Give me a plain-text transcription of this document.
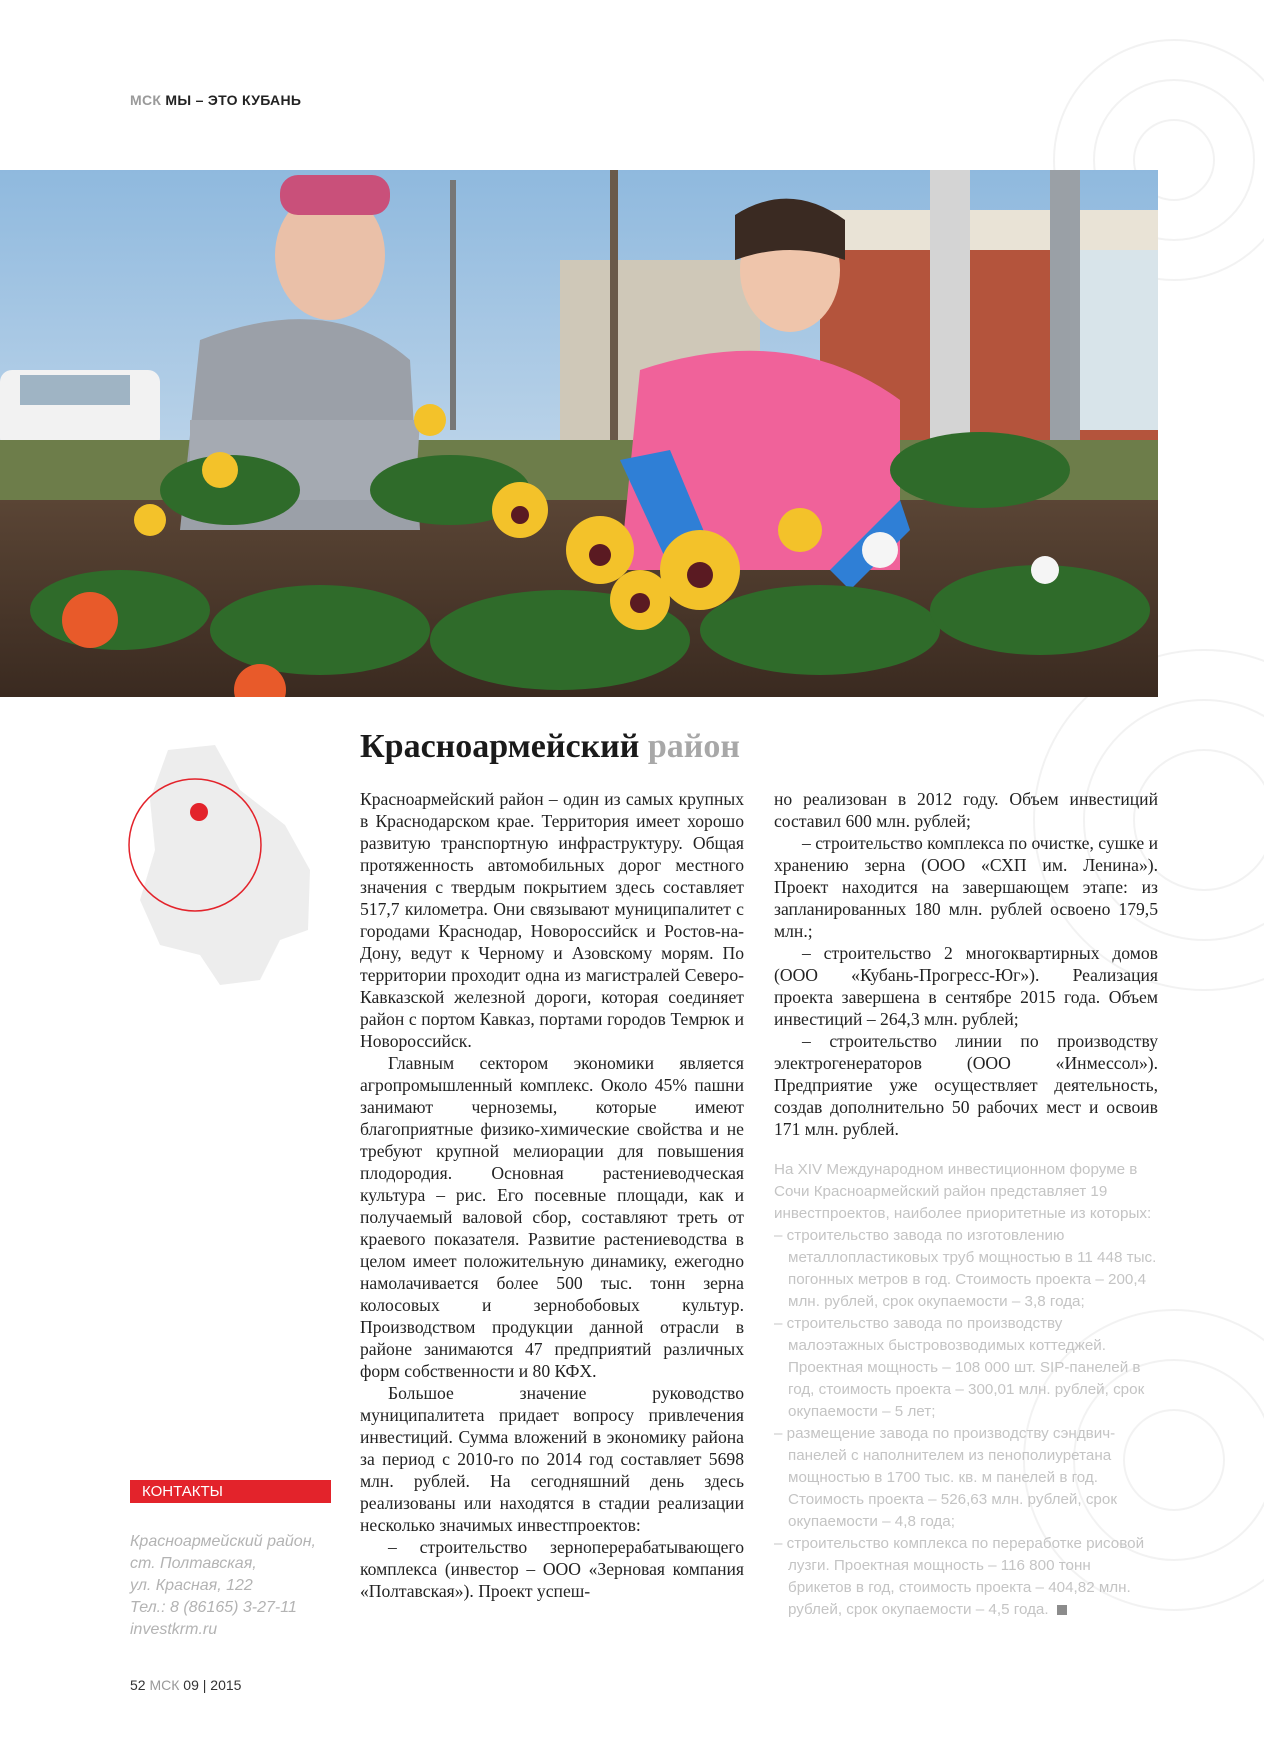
МСК МЫ – ЭТО КУБАНЬ
Красноармейский район

Красноармейский район – один из самых крупных в Краснодарском крае. Территория имеет хорошо развитую транспортную инфраструктуру. Общая протяженность автомобильных дорог местного значения с твердым покрытием здесь составляет 517,7 километра. Они связывают муниципалитет с городами Краснодар, Новороссийск и Ростов-на-Дону, ведут к Черному и Азовскому морям. По территории проходит одна из магистралей Северо-Кавказской железной дороги, которая соединяет район с портом Кавказ, портами городов Темрюк и Новороссийск.

Главным сектором экономики является агропромышленный комплекс. Около 45% пашни занимают черноземы, которые имеют благоприятные физико-химические свойства и не требуют крупной мелиорации для повышения плодородия. Основная растениеводческая культура – рис. Его посевные площади, как и получаемый валовой сбор, составляют треть от краевого показателя. Развитие растениеводства в целом имеет положительную динамику, ежегодно намолачивается более 500 тыс. тонн зерна колосовых и зернобобовых культур. Производством продукции данной отрасли в районе занимаются 47 предприятий различных форм собственности и 80 КФХ.

Большое значение руководство муниципалитета придает вопросу привлечения инвестиций. Сумма вложений в экономику района за период с 2010-го по 2014 год составляет 5698 млн. рублей. На сегодняшний день здесь реализованы или находятся в стадии реализации несколько значимых инвестпроектов:

– строительство зерноперерабатывающего комплекса (инвестор – ООО «Зерновая компания «Полтавская»). Проект успеш-

но реализован в 2012 году. Объем инвестиций составил 600 млн. рублей;

– строительство комплекса по очистке, сушке и хранению зерна (ООО «СХП им. Ленина»). Проект находится на завершающем этапе: из запланированных 180 млн. рублей освоено 179,5 млн.;

– строительство 2 многоквартирных домов (ООО «Кубань-Прогресс-Юг»). Реализация проекта завершена в сентябре 2015 года. Объем инвестиций – 264,3 млн. рублей;

– строительство линии по производству электрогенераторов (ООО «Инмессол»). Предприятие уже осуществляет деятельность, создав дополнительно 50 рабочих мест и освоив 171 млн. рублей.

На XIV Международном инвестиционном форуме в Сочи Красноармейский район представляет 19 инвестпроектов, наиболее приоритетные из которых:

– строительство завода по изготовлению металлопластиковых труб мощностью в 11 448 тыс. погонных метров в год. Стоимость проекта – 200,4 млн. рублей, срок окупаемости – 3,8 года;
– строительство завода по производству малоэтажных быстровозводимых коттеджей. Проектная мощность – 108 000 шт. SIP-панелей в год, стоимость проекта – 300,01 млн. рублей, срок окупаемости – 5 лет;
– размещение завода по производству сэндвич-панелей с наполнителем из пенополиуретана мощностью в 1700 тыс. кв. м панелей в год. Стоимость проекта – 526,63 млн. рублей, срок окупаемости – 4,8 года;
– строительство комплекса по переработке рисовой лузги. Проектная мощность – 116 800 тонн брикетов в год, стоимость проекта – 404,82 млн. рублей, срок окупаемости – 4,5 года.
КОНТАКТЫ
Красноармейский район,
ст. Полтавская,
ул. Красная, 122
Тел.: 8 (86165) 3-27-11
investkrm.ru
52 МСК 09 | 2015
